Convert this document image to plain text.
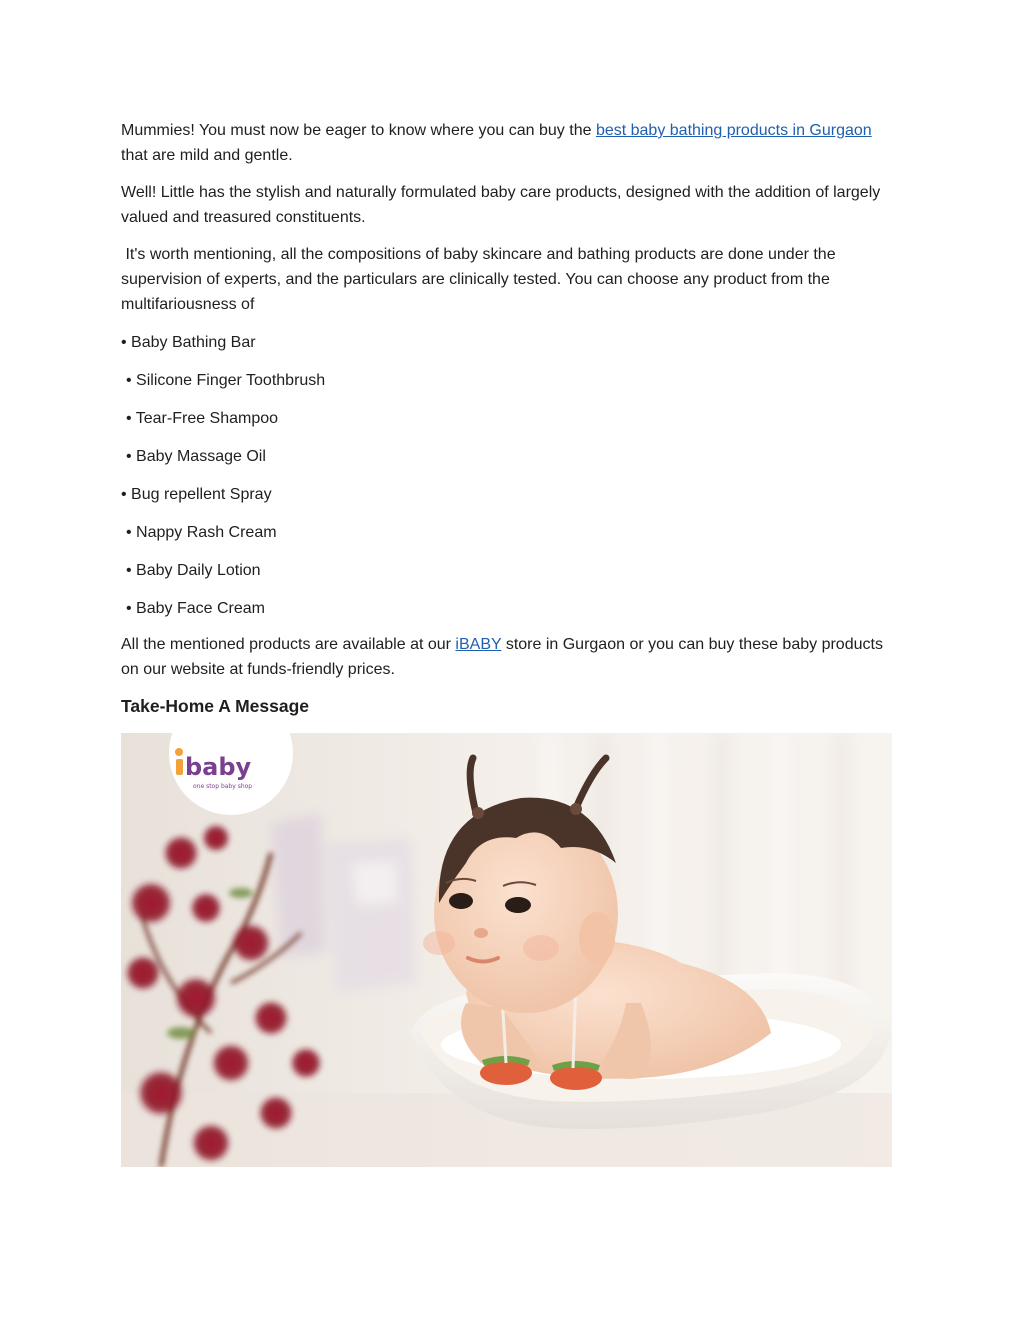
Mummies! You must now be eager to know where you can buy the best baby bathing products in Gurgaon that are mild and gentle.

Well! Little has the stylish and naturally formulated baby care products, designed with the addition of largely valued and treasured constituents.

It's worth mentioning, all the compositions of baby skincare and bathing products are done under the supervision of experts, and the particulars are clinically tested. You can choose any product from the multifariousness of

• Baby Bathing Bar

• Silicone Finger Toothbrush

• Tear-Free Shampoo

• Baby Massage Oil

• Bug repellent Spray

• Nappy Rash Cream

• Baby Daily Lotion

• Baby Face Cream

All the mentioned products are available at our iBABY store in Gurgaon or you can buy these baby products on our website at funds-friendly prices.

Take-Home A Message
baby
one stop baby shop
